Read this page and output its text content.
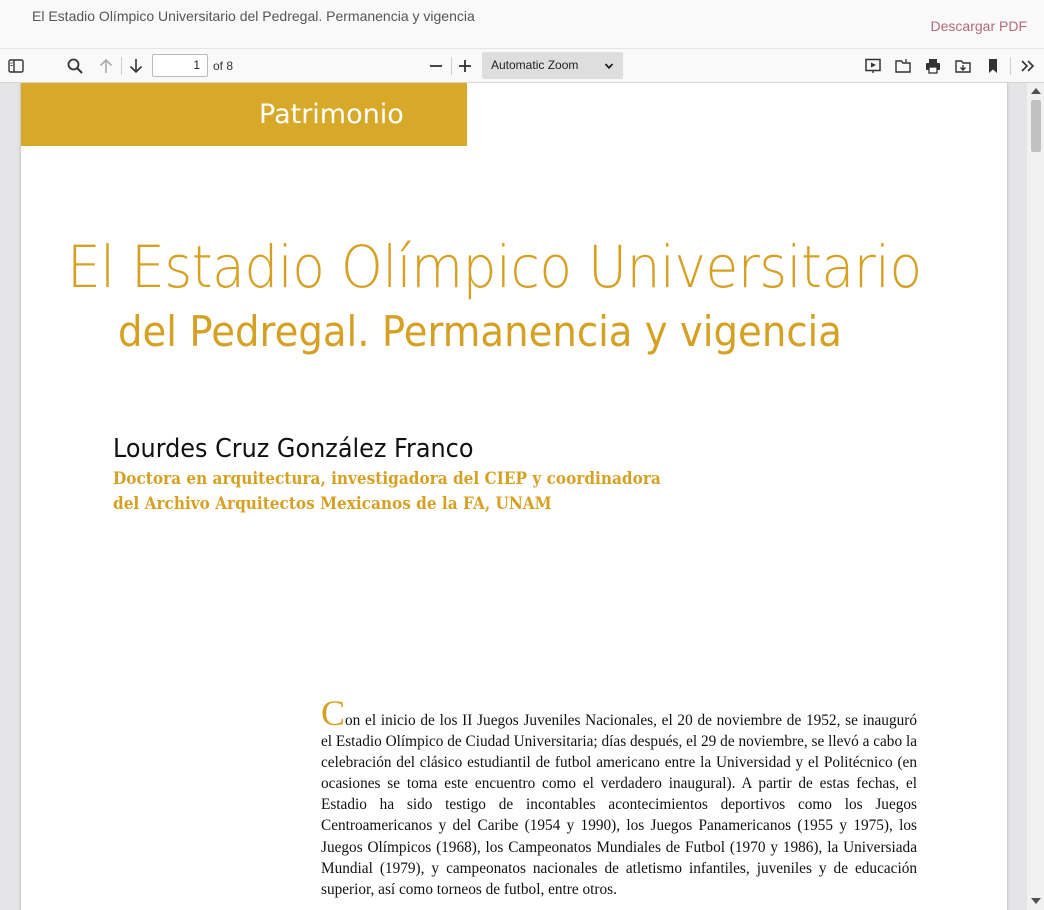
El Estadio Olímpico Universitario del Pedregal. Permanencia y vigencia
Descargar PDF
1	of 8	Automatic Zoom
Patrimonio
El Estadio Olímpico Universitario
del Pedregal. Permanencia y vigencia
Lourdes Cruz González Franco
Doctora en arquitectura, investigadora del CIEP y coordinadora
del Archivo Arquitectos Mexicanos de la FA, UNAM
Con el inicio de los II Juegos Juveniles Nacionales, el 20 de noviembre de 1952, se inauguró el Estadio Olímpico de Ciudad Universitaria; días después, el 29 de noviembre, se llevó a cabo la celebración del clásico estudiantil de futbol americano entre la Universidad y el Politécnico (en ocasiones se toma este encuentro como el verdadero inaugural). A partir de estas fechas, el Estadio ha sido testigo de incontables acontecimientos deportivos como los Juegos Centroamericanos y del Caribe (1954 y 1990), los Juegos Panamericanos (1955 y 1975), los Juegos Olímpicos (1968), los Campeonatos Mundiales de Futbol (1970 y 1986), la Universiada Mundial (1979), y campeonatos nacionales de atletismo infantiles, juveniles y de educación superior, así como torneos de futbol, entre otros.
